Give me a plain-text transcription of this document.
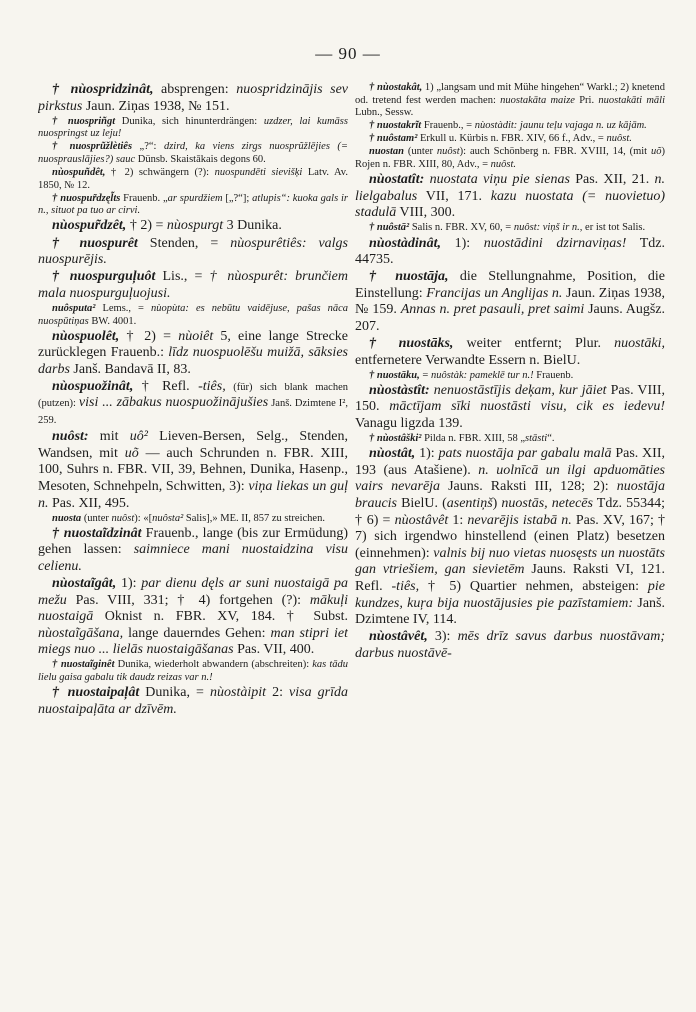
— 90 —

† nùospridzinât, absprengen: nuospridzinājis sev pirkstus Jaun. Ziņas 1938, № 151.

† nuospriñgt Dunika, sich hinunterdrängen: uzdzer, lai kumāss nuospringst uz leju!

† nuosprũžlètiês „?“: dzird, ka viens zirgs nuosprũžlējies (= nuosprauslājies?) sauc Dünsb. Skaistākais degons 60.

nùospuñdêt, † 2) schwängern (?): nuospundēti sievišķi Latv. Av. 1850, № 12.

† nuospur̃dzęl̃ts Frauenb. „ar spurdžiem [„?“]; atlupis“: kuoka gals ir n., situot pa tuo ar cirvi.

nùospur̃dzêt, † 2) = nùospurgt 3 Dunika.

† nuospurêt Stenden, = nùospurêtiês: valgs nuospurējis.

† nuospurguļuôt Lis., = † nùospurêt: brunčiem mala nuospurguļuojusi.

nuôsputa² Lems., = nùopùta: es nebūtu vaidējuse, pašas nāca nuospūtiņas BW. 4001.

nùospuolêt, † 2) = nùoiêt 5, eine lange Strecke zurücklegen Frauenb.: līdz nuospuolēšu muižā, sāksies darbs Janš. Bandavā II, 83.

nùospuožinât, † Refl. -tiês, (für) sich blank machen (putzen): visi ... zābakus nuospuožinājušies Janš. Dzimtene I², 259.

nuôst: mit uô² Lieven-Bersen, Selg., Stenden, Wandsen, mit uõ — auch Schrunden n. FBR. XIII, 100, Suhrs n. FBR. VII, 39, Behnen, Dunika, Hasenp., Mesoten, Schnehpeln, Schwitten, 3): viņa liekas un guļ n. Pas. XII, 495.

nuosta (unter nuôst): «[nuôsta² Salis],» ME. II, 857 zu streichen.

† nuostaĩdzinât Frauenb., lange (bis zur Ermüdung) gehen lassen: saimniece mani nuostaidzina visu celienu.

nùostaĩgât, 1): par dienu dęls ar suni nuostaigā pa mežu Pas. VIII, 331; † 4) fortgehen (?): mākuļi nuostaigā Oknist n. FBR. XV, 184. † Subst. nùostaĩgāšana, lange dauerndes Gehen: man stipri iet miegs nuo ... lielās nuostaigāšanas Pas. VII, 400.

† nuostaĩginêt Dunika, wiederholt abwandern (abschreiten): kas tādu lielu gaisa gabalu tik daudz reizas var n.!

† nuostaipaļât Dunika, = nùostàipit 2: visa grīda nuostaipaļāta ar dzīvēm.

† nùostakât, 1) „langsam und mit Mühe hingehen“ Warkl.; 2) knetend od. tretend fest werden machen: nuostakāta maize Pri. nuostakāti māli Lubn., Sessw.

† nuostakrĩt Frauenb., = nùostàdit: jaunu teļu vajaga n. uz kājām.

† nuôstam² Erkull u. Kürbis n. FBR. XIV, 66 f., Adv., = nuôst.

nuostan (unter nuôst): auch Schönberg n. FBR. XVIII, 14, (mit uõ) Rojen n. FBR. XIII, 80, Adv., = nuôst.

nùostatît: nuostata viņu pie sienas Pas. XII, 21. n. lielgabalus VII, 171. kazu nuostata (= nuovietuo) stadulā VIII, 300.

† nuôstā² Salis n. FBR. XV, 60, = nuôst: viņš ir n., er ist tot Salis.

nùostàdinât, 1): nuostādini dzirnaviņas! Tdz. 44735.

† nuostāja, die Stellungnahme, Position, die Einstellung: Francijas un Anglijas n. Jaun. Ziņas 1938, № 159. Annas n. pret pasauli, pret saimi Jauns. Augšz. 207.

† nuostāks, weiter entfernt; Plur. nuostāki, entfernetere Verwandte Essern n. BielU.

† nuostāku, = nuôstàk: pameklē tur n.! Frauenb.

nùostàstît: nenuostāstījis deķam, kur jāiet Pas. VIII, 150. māctījam sīki nuostāsti visu, cik es iedevu! Vanagu ligzda 139.

† nùostâški² Pilda n. FBR. XIII, 58 „stāsti“.

nùostât, 1): pats nuostāja par gabalu malā Pas. XII, 193 (aus Atašiene). n. uolnīcā un ilgi apduomāties vairs nevarēja Jauns. Raksti III, 128; 2): nuostāja braucis BielU. (asentiņš) nuostās, netecēs Tdz. 55344; † 6) = nùostâvêt 1: nevarējis istabā n. Pas. XV, 167; † 7) sich irgendwo hinstellend (einen Platz) besetzen (einnehmen): valnis bij nuo vietas nuosęsts un nuostāts gan vtriešiem, gan sievietēm Jauns. Raksti VI, 121. Refl. -tiês, † 5) Quartier nehmen, absteigen: pie kundzes, kuŗa bija nuostājusies pie pazīstamiem: Janš. Dzimtene IV, 114.

nùostâvêt, 3): mēs drīz savus darbus nuostāvam; darbus nuostāvē-
